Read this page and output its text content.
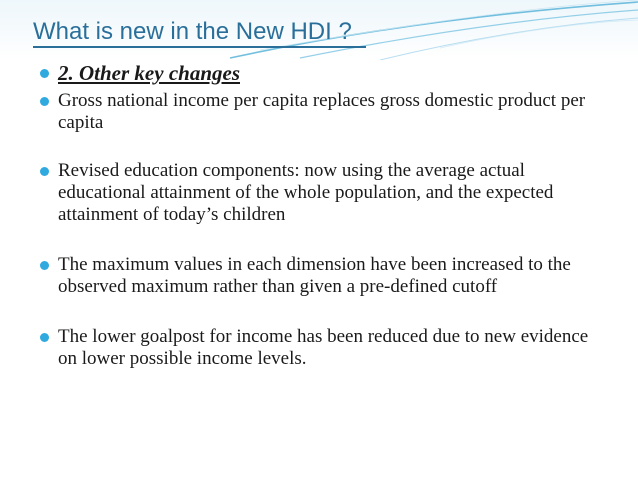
What is new in the New HDI ?
2. Other key changes
Gross national income per capita replaces gross domestic product per capita
Revised education components: now using the average actual educational attainment of the whole population, and the expected attainment of today’s children
The maximum values in each dimension have been increased to the observed maximum rather than given a pre-defined cutoff
The lower goalpost for income has been reduced due to new evidence on lower possible income levels.
